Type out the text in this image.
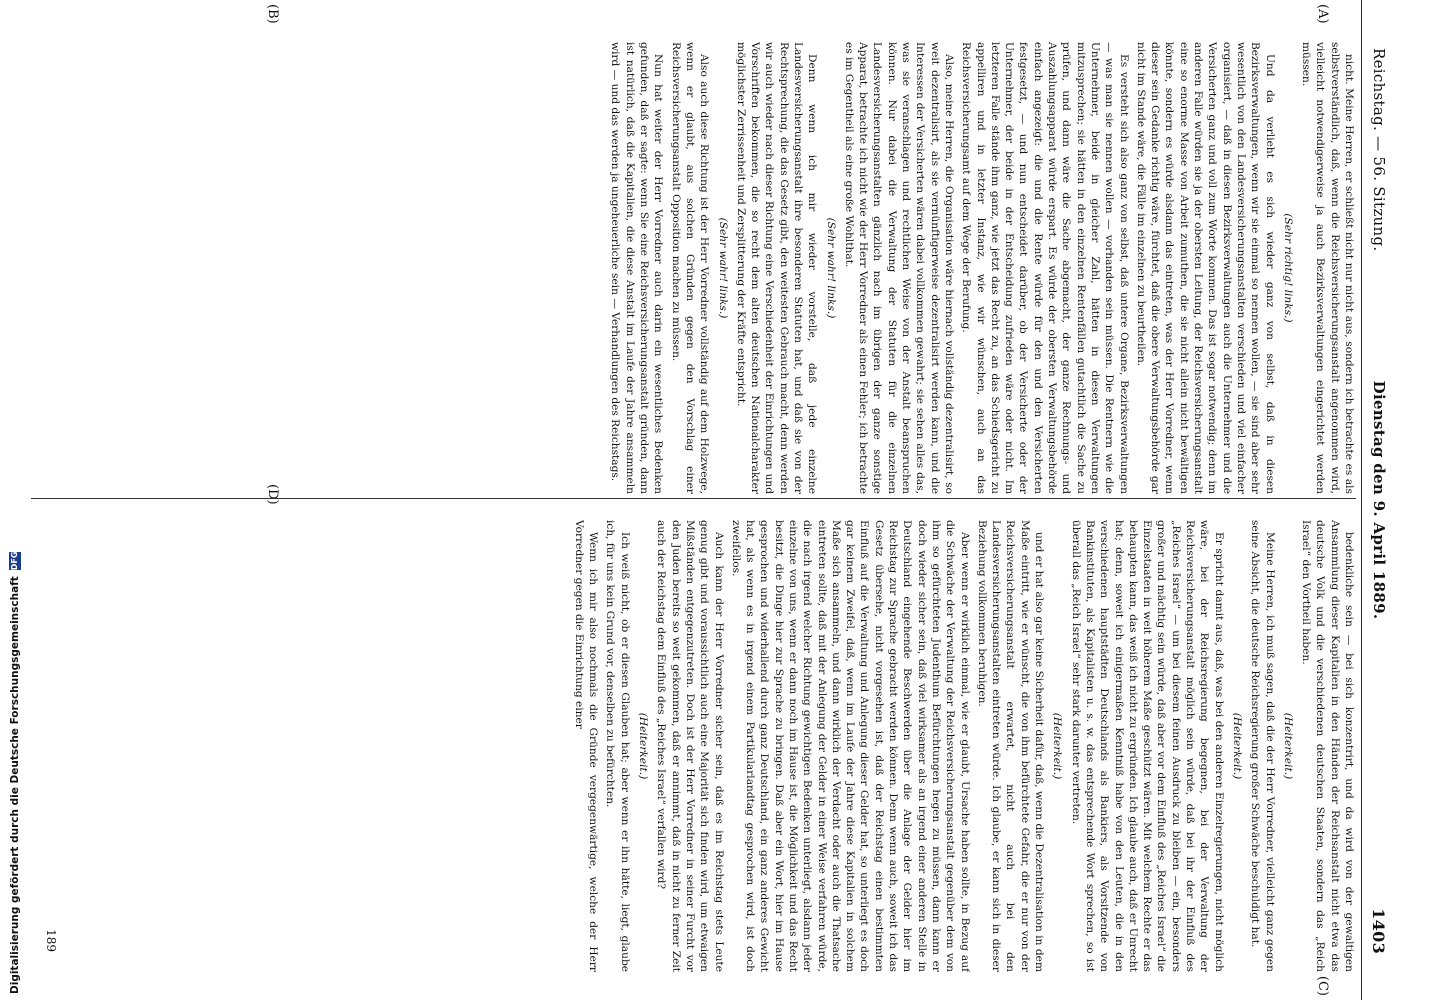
Reichstag. — 56. Sitzung.
Dienstag den 9. April 1889.
1403
(A)
(B)
(C)
(D)

nicht. Meine Herren, er schließt nicht nur nicht aus, sondern ich betrachte es als selbstverständlich, daß, wenn die Reichsversicherungsanstalt angenommen wird, vielleicht notwendigerweise ja auch Bezirksverwaltungen eingerichtet werden müssen.

(Sehr richtig! links.)

Und da verlieht es sich wieder ganz von selbst, daß in diesen Bezirksverwaltungen, wenn wir sie einmal so nennen wollen, — sie sind aber sehr wesentlich von den Landesversicherungsanstalten verschieden und viel einfacher organisiert, — daß in diesen Bezirksverwaltungen auch die Unternehmer und die Versicherten ganz und voll zum Worte kommen. Das ist sogar notwendig; denn im anderen Falle würden sie ja der obersten Leitung, der Reichsversicherungsanstalt eine so enorme Masse von Arbeit zumuthen, die sie nicht allein nicht bewältigen könnte, sondern es würde alsdann das eintreten, was der Herr Vorredner, wenn dieser sein Gedanke richtig wäre, fürchtet, daß die obere Verwaltungsbehörde gar nicht im Stande wäre, die Fälle im einzelnen zu beurtheilen.

Es versteht sich also ganz von selbst, daß untere Organe, Bezirksverwaltungen — was man sie nennen wollen — vorhanden sein müssen. Die Rentnern wie die Unternehmer, beide in gleicher Zahl, hätten in diesen Verwaltungen mitzusprechen; sie hätten in den einzelnen Rentenfällen gutachtlich die Sache zu prüfen, und dann wäre die Sache abgemacht, der ganze Rechnungs- und Auszahlungsapparat würde erspart. Es würde der obersten Verwaltungsbehörde einfach angezeigt: die und die Rente würde für den und den Versicherten festgesetzt, — und nun entscheidet darüber, ob der Versicherte oder der Unternehmer, der beide in der Entscheidung zufrieden wäre oder nicht. Im letzteren Falle stände ihm ganz, wie jetzt das Recht zu, an das Schiedsgericht zu appelliren und in letzter Instanz, wie wir wünschen, auch an das Reichsversicherungsamt auf dem Wege der Berufung.

Also, meine Herren, die Organisation wäre hiernach vollständig dezentralisirt, so weit dezentralisirt, als sie vernünftigerweise dezentralisirt werden kann, und die Interessen der Versicherten wären dabei vollkommen gewahrt; sie sehen alles das, was sie veranschlagen und rechtlichen Weise von der Anstalt beanspruchen können. Nur dabei die Verwaltung der Statuten für die einzelnen Landesversicherungsanstalten gänzlich nach im übrigen der ganze sonstige Apparat, betrachte ich nicht wie der Herr Vorredner als einen Fehler; ich betrachte es im Gegentheil als eine große Wohlthat.

(Sehr wahr! links.)

Denn wenn ich mir wieder vorstelle, daß jede einzelne Landesversicherungsanstalt ihre besonderen Statuten hat, und daß sie von der Rechtsprechung, die das Gesetz gibt, den weitesten Gebrauch macht, denn werden wir auch wieder nach dieser Richtung eine Verschiedenheit der Einrichtungen und Vorschriften bekommen, die so recht dem alten deutschen Nationalcharakter möglichster Zerrissenheit und Zersplitterung der Kräfte entspricht.

(Sehr wahr! links.)

Also auch diese Richtung ist der Herr Vorredner vollständig auf dem Holzwege, wenn er glaubt, aus solchen Gründen gegen den Vorschlag einer Reichsversicherungsanstalt Opposition machen zu müssen.

Nun hat weiter der Herr Vorredner auch darin ein wesentliches Bedenken gefunden, daß er sagte: wenn Sie eine Reichsversicherungsanstalt gründen, dann ist natürlich, daß die Kapitalien, die diese Anstalt im Laufe der Jahre ansammeln wird — und das werden ja ungeheuerliche sein — Verhandlungen des Reichstags.

bedenkliche sein — bei sich konzentrirt, und da wird von der gewaltigen Ansammlung dieser Kapitalien in den Händen der Reichsanstalt nicht etwa das deutsche Volk und die verschiedenen deutschen Staaten, sondern das „Reich Israel“ den Vortheil haben.

(Heiterkeit.)

Meine Herren, ich muß sagen, daß die der Herr Vorredner, vielleicht ganz gegen seine Absicht, die deutsche Reichsregierung großer Schwäche beschuldigt hat.

(Heiterkeit.)

Er spricht damit aus, daß, was bei den anderen Einzelregierungen, nicht möglich wäre, bei der Reichsregierung begegnen, bei der Verwaltung der Reichsversicherungsanstalt möglich sein würde, daß bei ihr der Einfluß des „Reiches Israel“ — um bei diesem feinen Ausdruck zu bleiben — ein, besonders großer und mächtig sein würde, daß aber vor dem Einfluß des „Reiches Israel“ die Einzelstaaten in weit höherem Maße geschützt wären. Mit welchem Rechte er das behaupten kann, das weiß ich nicht zu ergründen. Ich glaube auch, daß er Unrecht hat; denn, soweit ich einigermaßen Kenntniß habe von den Leuten, die in den verschiedenen hauptstädten Deutschlands als Bankiers, als Vorsitzende von Bankinstituten, als Kapitalisten u. s. w. das entsprechende Wort sprechen, so ist überall das „Reich Israel“ sehr stark darunter vertreten.

(Heiterkeit.)

und er hat also gar keine Sicherheit dafür, daß, wenn die Dezentralisation in dem Maße eintritt, wie er wünscht, die von ihm befürchtete Gefahr, die er nur von der Reichsversicherungsanstalt erwartet, nicht auch bei den Landesversicherungsanstalten eintreten würde. Ich glaube, er kann sich in dieser Beziehung vollkommen beruhigen.

Aber wenn er wirklich einmal, wie er glaubt, Ursache haben sollte, in Bezug auf die Schwäche der Verwaltung der Reichsversicherungsanstalt gegenüber dem von ihm so gefürchteten Judenthum Befürchtungen hegen zu müssen, dann kann er doch wieder sicher sein, daß viel wirksamer als an irgend einer anderen Stelle in Deutschland eingehende Beschwerden über die Anlage der Gelder hier im Reichstag zur Sprache gebracht werden können. Denn wenn auch, soweit ich das Gesetz übersehe, nicht vorgesehen ist, daß der Reichstag einen bestimmten Einfluß auf die Verwaltung und Anlegung dieser Gelder hat, so unterliegt es doch gar keinem Zweifel, daß, wenn im Laufe der Jahre diese Kapitalien in solchem Maße sich ansammeln, und dann wirklich der Verdacht oder auch die Thatsache eintreten sollte, daß mit der Anlegung der Gelder in einer Weise verfahren würde, die nach irgend welcher Richtung gewichtigen Bedenken unterliegt, alsdann jeder einzelne von uns, wenn er dann noch im Hause ist, die Möglichkeit und das Recht besitzt, die Dinge hier zur Sprache zu bringen. Daß aber ein Wort, hier im Hause gesprochen und widerhallend durch ganz Deutschland, ein ganz anderes Gewicht hat, als wenn es in irgend einem Partikularlandtag gesprochen wird, ist doch zweifellos.

Auch kann der Herr Vorredner sicher sein, daß es im Reichstag stets Leute genug gibt und voraussichtlich auch eine Majorität sich finden wird, um etwaigen Mißständen entgegenzutreten. Doch ist der Herr Vorredner in seiner Furcht vor den Juden bereits so weit gekommen, daß er annimmt, daß in nicht zu ferner Zeit auch der Reichstag dem Einfluß des „Reiches Israel“ verfallen wird?

(Heiterkeit.)

Ich weiß nicht, ob er diesen Glauben hat; aber wenn er ihn hätte, liegt, glaube ich, für uns kein Grund vor, denselben zu befürchten.

Wenn ich mir also nochmals die Gründe vergegenwärtige, welche der Herr Vorredner gegen die Einrichtung einer

189
Digitalisierung gefördert durch die Deutsche Forschungsgemeinschaft
DFG
